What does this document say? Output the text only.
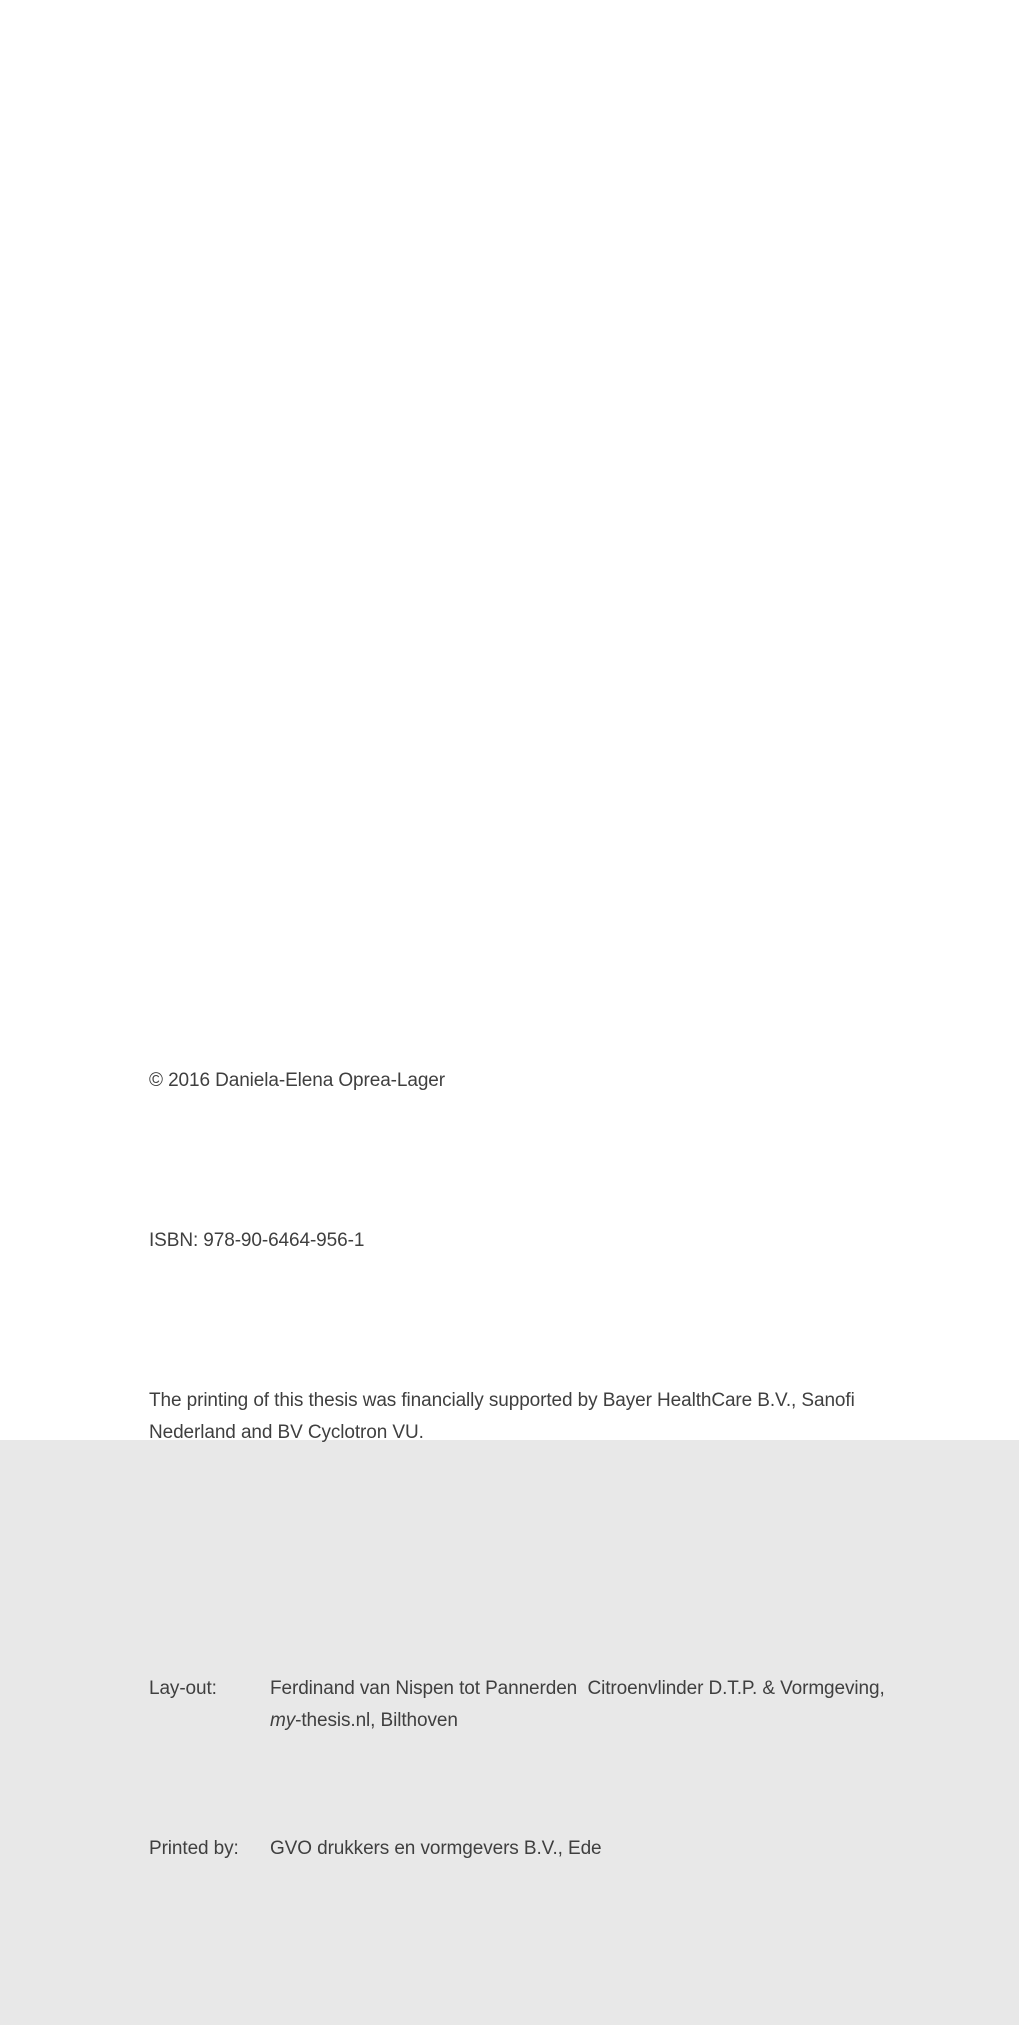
© 2016 Daniela-Elena Oprea-Lager

ISBN: 978-90-6464-956-1

The printing of this thesis was financially supported by Bayer HealthCare B.V., Sanofi
Nederland and BV Cyclotron VU.

Lay-out:	Ferdinand van Nispen tot Pannerden  Citroenvlinder D.T.P. & Vormgeving,
my-thesis.nl, Bilthoven

Printed by:	GVO drukkers en vormgevers B.V., Ede
